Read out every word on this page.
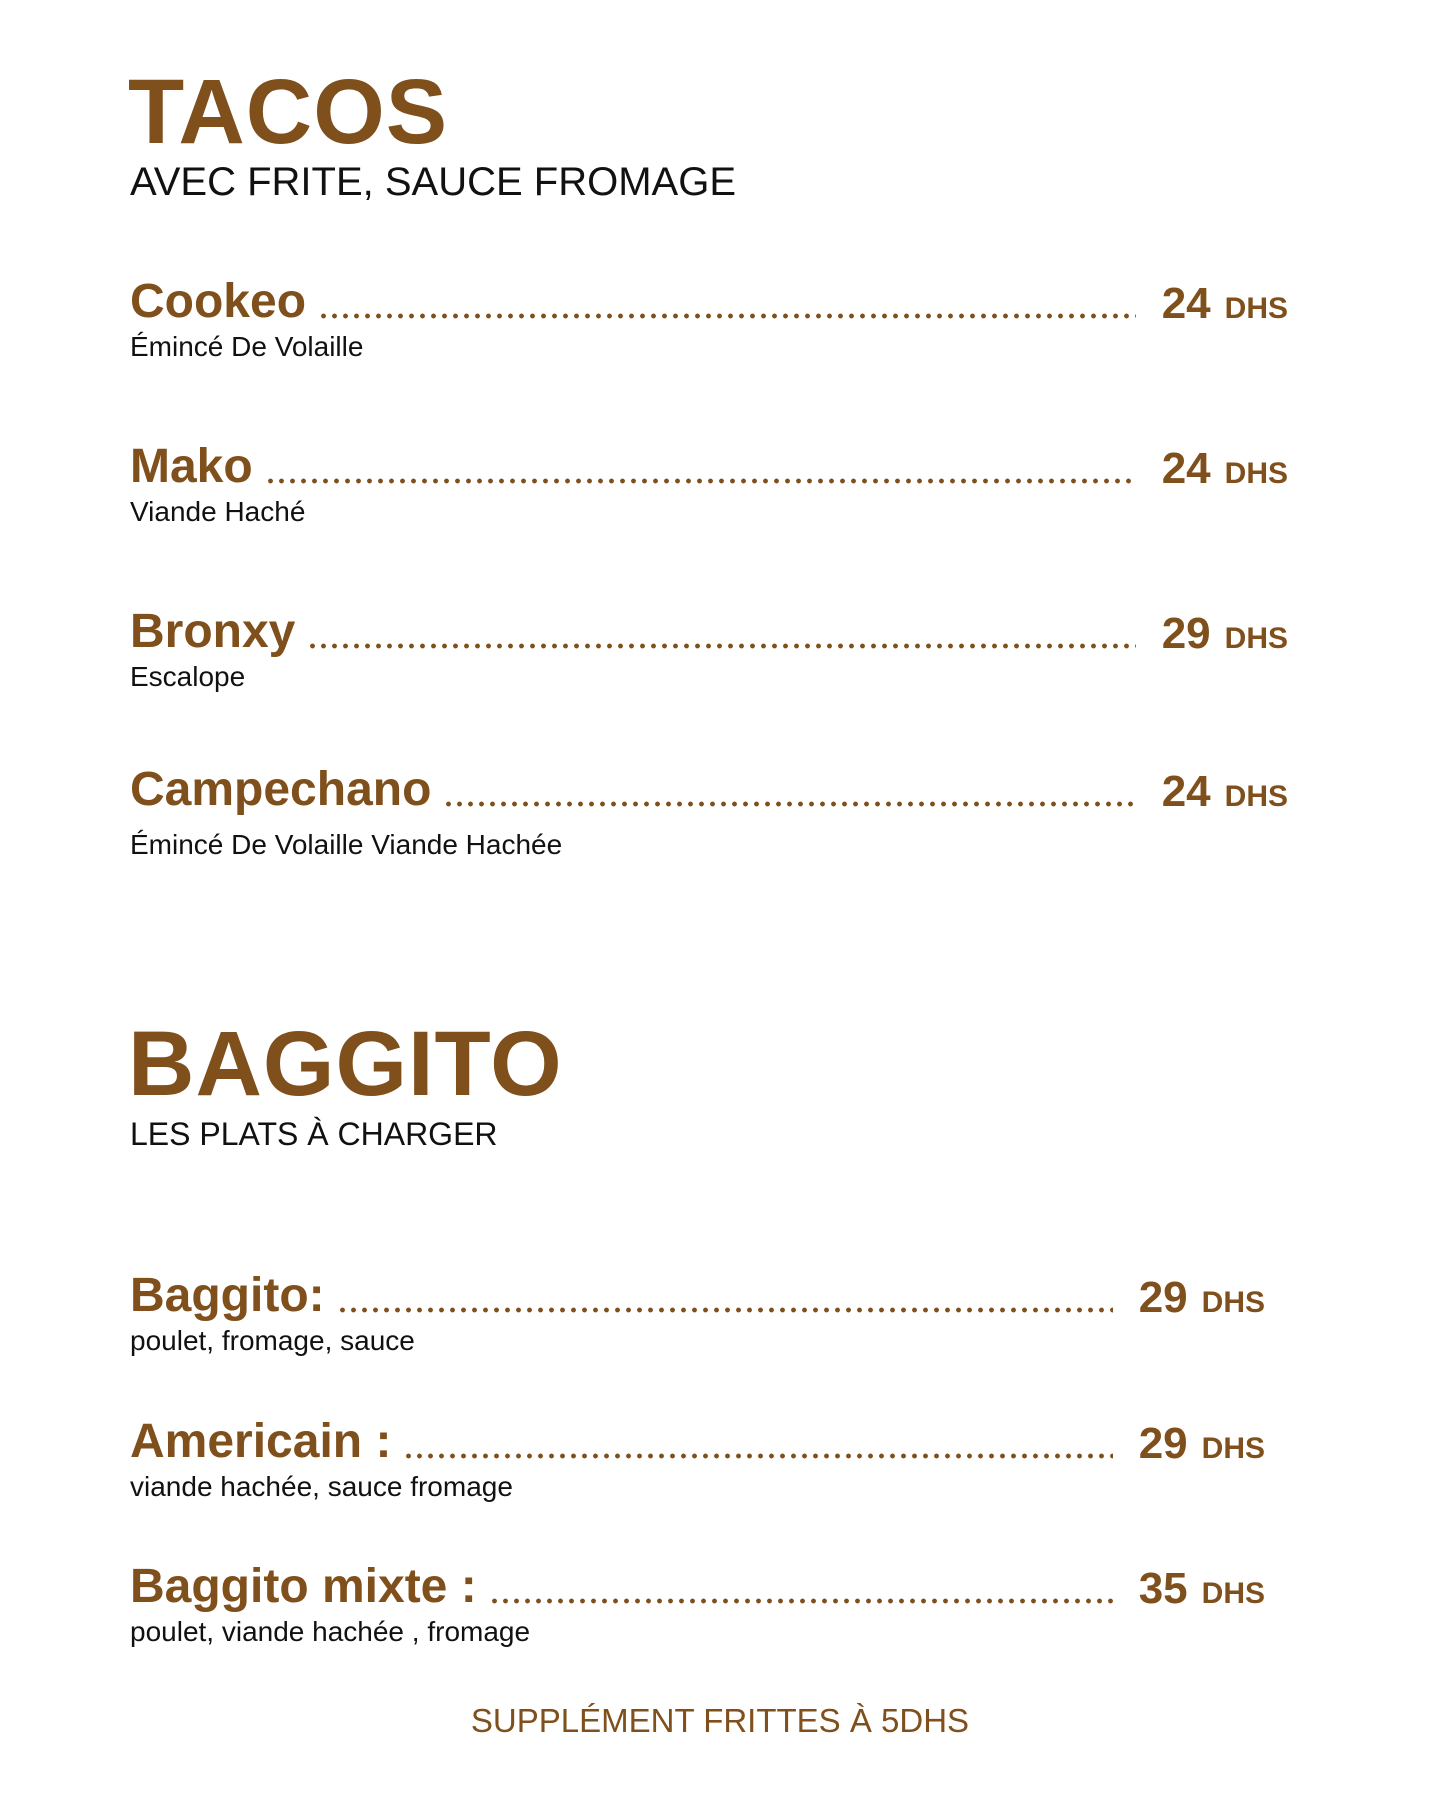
TACOS
AVEC FRITE, SAUCE FROMAGE
Cookeo	24 DHS
Émincé De Volaille
Mako	24 DHS
Viande Haché
Bronxy	29 DHS
Escalope
Campechano	24 DHS
Émincé De Volaille Viande Hachée
BAGGITO
LES PLATS À CHARGER
Baggito:	29 DHS
poulet, fromage, sauce
Americain :	29 DHS
viande hachée, sauce fromage
Baggito mixte :	35 DHS
poulet, viande hachée , fromage
SUPPLÉMENT FRITTES À 5DHS
